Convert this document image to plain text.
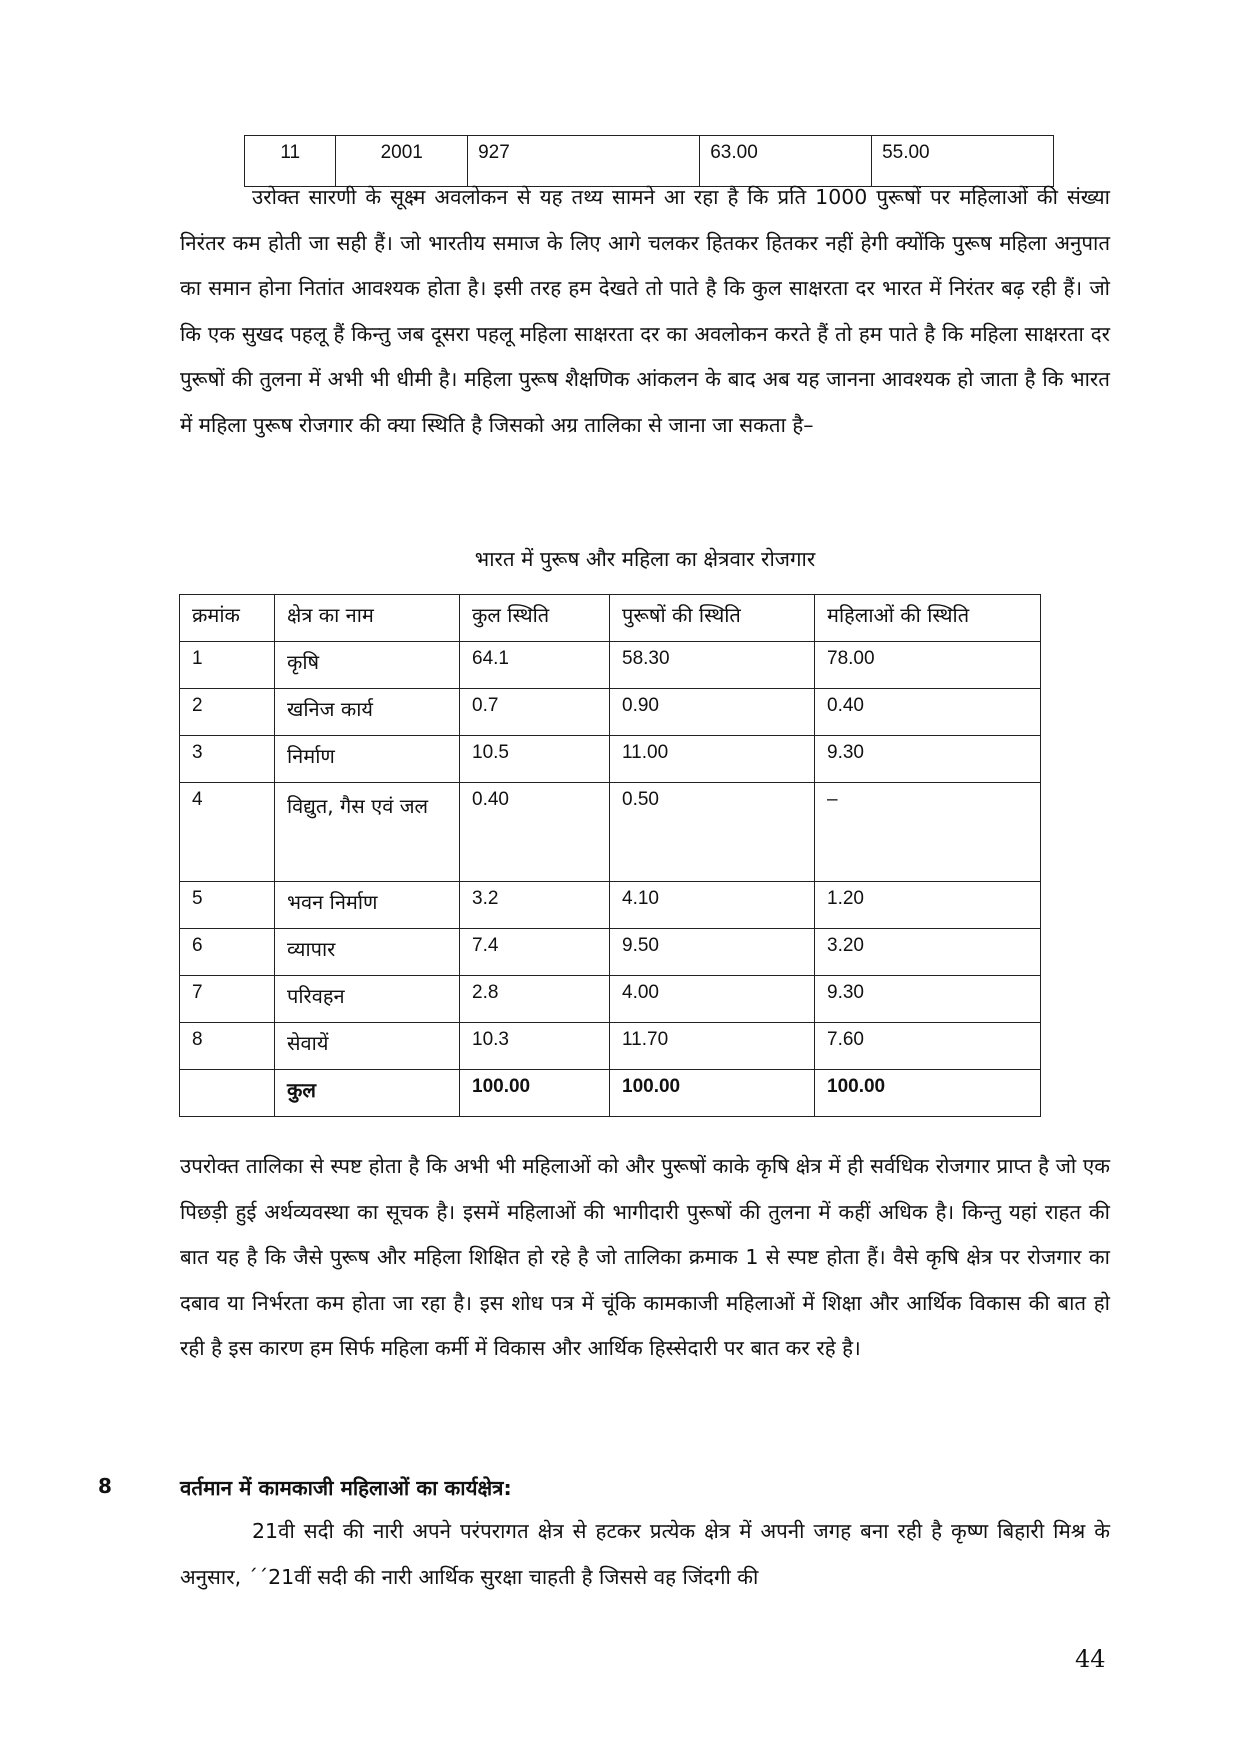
11	2001	927	63.00	55.00

उरोक्त सारणी के सूक्ष्म अवलोकन से यह तथ्य सामने आ रहा है कि प्रति 1000 पुरूषों पर महिलाओं की संख्या निरंतर कम होती जा सही हैं। जो भारतीय समाज के लिए आगे चलकर हितकर हितकर नहीं हेगी क्योंकि पुरूष महिला अनुपात का समान होना नितांत आवश्यक होता है। इसी तरह हम देखते तो पाते है कि कुल साक्षरता दर भारत में निरंतर बढ़ रही हैं। जो कि एक सुखद पहलू हैं किन्तु जब दूसरा पहलू महिला साक्षरता दर का अवलोकन करते हैं तो हम पाते है कि महिला साक्षरता दर पुरूषों की तुलना में अभी भी धीमी है। महिला पुरूष शैक्षणिक आंकलन के बाद अब यह जानना आवश्यक हो जाता है कि भारत में महिला पुरूष रोजगार की क्या स्थिति है जिसको अग्र तालिका से जाना जा सकता है–

भारत में पुरूष और महिला का क्षेत्रवार रोजगार
क्रमांक	क्षेत्र का नाम	कुल स्थिति	पुरूषों की स्थिति	महिलाओं की स्थिति
1	कृषि	64.1	58.30	78.00
2	खनिज कार्य	0.7	0.90	0.40
3	निर्माण	10.5	11.00	9.30
4	विद्युत, गैस एवं जल	0.40	0.50	–
5	भवन निर्माण	3.2	4.10	1.20
6	व्यापार	7.4	9.50	3.20
7	परिवहन	2.8	4.00	9.30
8	सेवायें	10.3	11.70	7.60
	कुल	100.00	100.00	100.00

उपरोक्त तालिका से स्पष्ट होता है कि अभी भी महिलाओं को और पुरूषों काके कृषि क्षेत्र में ही सर्वधिक रोजगार प्राप्त है जो एक पिछड़ी हुई अर्थव्यवस्था का सूचक है। इसमें महिलाओं की भागीदारी पुरूषों की तुलना में कहीं अधिक है। किन्तु यहां राहत की बात यह है कि जैसे पुरूष और महिला शिक्षित हो रहे है जो तालिका क्रमाक 1 से स्पष्ट होता हैं। वैसे कृषि क्षेत्र पर रोजगार का दबाव या निर्भरता कम होता जा रहा है। इस शोध पत्र में चूंकि कामकाजी महिलाओं में शिक्षा और आर्थिक विकास की बात हो रही है इस कारण हम सिर्फ महिला कर्मी में विकास और आर्थिक हिस्सेदारी पर बात कर रहे है।

8	वर्तमान में कामकाजी महिलाओं का कार्यक्षेत्र:

21वी सदी की नारी अपने परंपरागत क्षेत्र से हटकर प्रत्येक क्षेत्र में अपनी जगह बना रही है कृष्ण बिहारी मिश्र के अनुसार, ´´21वीं सदी की नारी आर्थिक सुरक्षा चाहती है जिससे वह जिंदगी की

44
